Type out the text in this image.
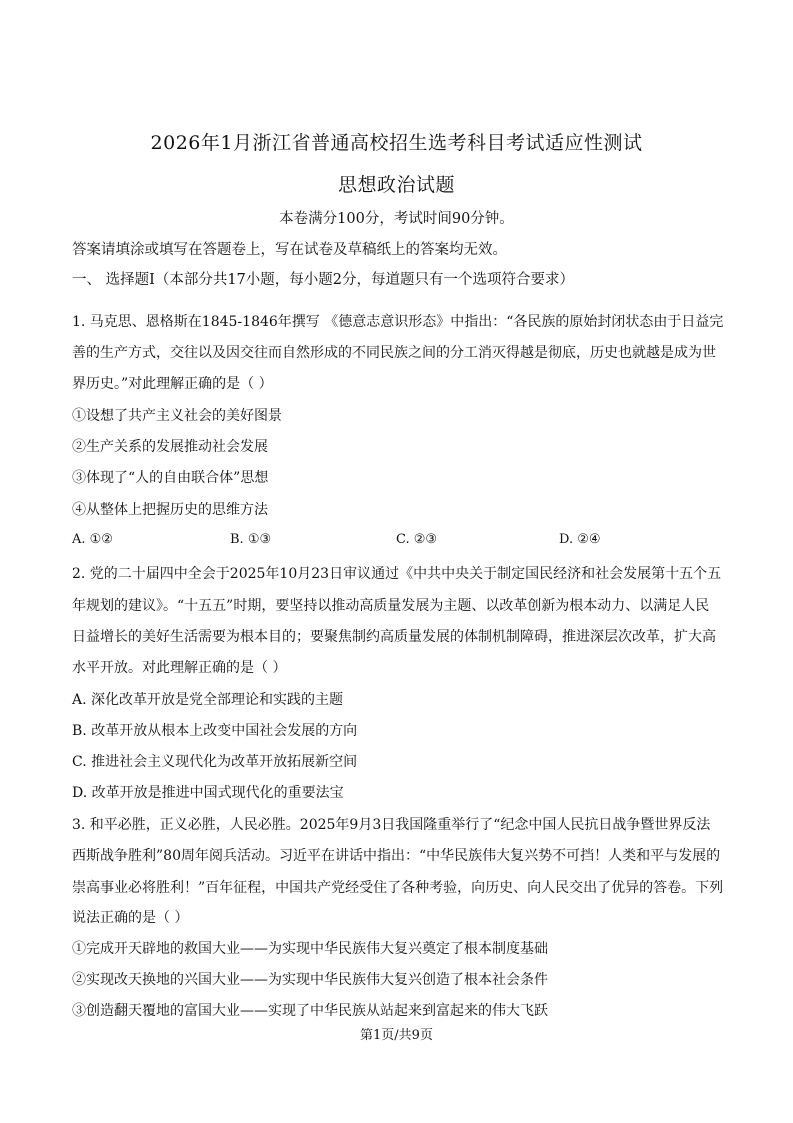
2026年1月浙江省普通高校招生选考科目考试适应性测试
思想政治试题
本卷满分100分，考试时间90分钟。
答案请填涂或填写在答题卷上，写在试卷及草稿纸上的答案均无效。
一、 选择题Ⅰ（本部分共17小题，每小题2分，每道题只有一个选项符合要求）
1. 马克思、恩格斯在1845-1846年撰写 《德意志意识形态》中指出：“各民族的原始封闭状态由于日益完
善的生产方式，交往以及因交往而自然形成的不同民族之间的分工消灭得越是彻底，历史也就越是成为世
界历史。”对此理解正确的是（ ）
①设想了共产主义社会的美好图景
②生产关系的发展推动社会发展
③体现了“人的自由联合体”思想
④从整体上把握历史的思维方法
A. ①②	B. ①③	C. ②③	D. ②④
2. 党的二十届四中全会于2025年10月23日审议通过《中共中央关于制定国民经济和社会发展第十五个五
年规划的建议》。“十五五”时期，要坚持以推动高质量发展为主题、以改革创新为根本动力、以满足人民
日益增长的美好生活需要为根本目的；要聚焦制约高质量发展的体制机制障碍，推进深层次改革，扩大高
水平开放。对此理解正确的是（ ）
A. 深化改革开放是党全部理论和实践的主题
B. 改革开放从根本上改变中国社会发展的方向
C. 推进社会主义现代化为改革开放拓展新空间
D. 改革开放是推进中国式现代化的重要法宝
3. 和平必胜，正义必胜，人民必胜。2025年9月3日我国隆重举行了“纪念中国人民抗日战争暨世界反法
西斯战争胜利”80周年阅兵活动。习近平在讲话中指出：“中华民族伟大复兴势不可挡！人类和平与发展的
崇高事业必将胜利！”百年征程，中国共产党经受住了各种考验，向历史、向人民交出了优异的答卷。下列
说法正确的是（ ）
①完成开天辟地的救国大业——为实现中华民族伟大复兴奠定了根本制度基础
②实现改天换地的兴国大业——为实现中华民族伟大复兴创造了根本社会条件
③创造翻天覆地的富国大业——实现了中华民族从站起来到富起来的伟大飞跃
第1页/共9页
